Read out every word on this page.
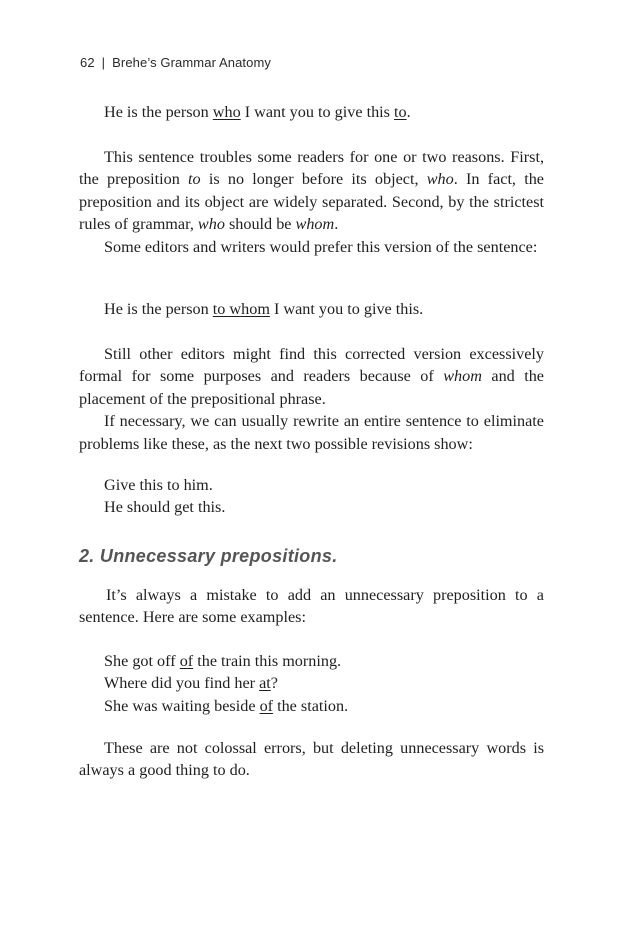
62 | Brehe’s Grammar Anatomy

He is the person who I want you to give this to.

This sentence troubles some readers for one or two reasons. First, the preposition to is no longer before its object, who. In fact, the preposition and its object are widely separated. Second, by the strictest rules of grammar, who should be whom.

Some editors and writers would prefer this version of the sentence:

He is the person to whom I want you to give this.

Still other editors might find this corrected version excessively formal for some purposes and readers because of whom and the placement of the prepositional phrase.

If necessary, we can usually rewrite an entire sentence to eliminate problems like these, as the next two possible revisions show:

Give this to him.

He should get this.

2. Unnecessary prepositions.

It’s always a mistake to add an unnecessary preposition to a sentence. Here are some examples:

She got off of the train this morning.

Where did you find her at?

She was waiting beside of the station.

These are not colossal errors, but deleting unnecessary words is always a good thing to do.
